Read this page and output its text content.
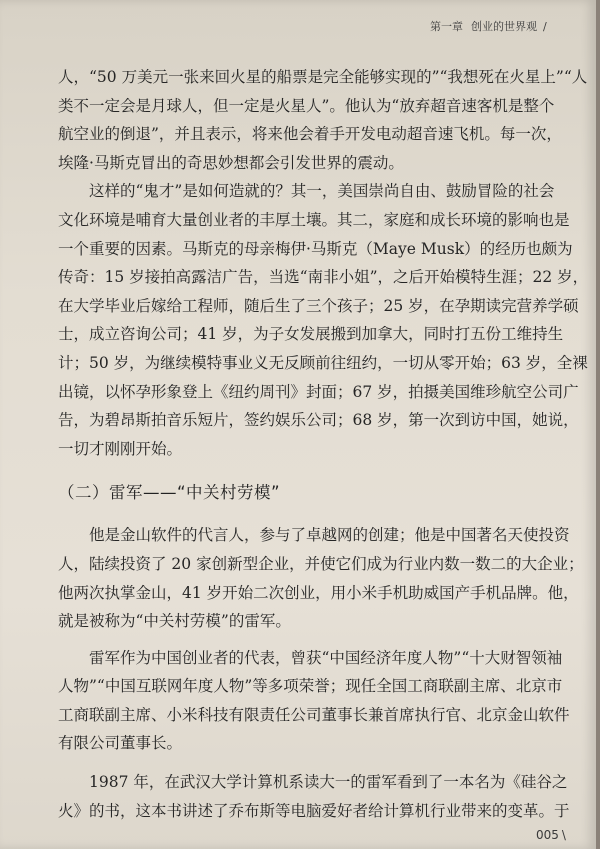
第一章 创业的世界观 /
人，“50 万美元一张来回火星的船票是完全能够实现的”“我想死在火星上”“人
类不一定会是月球人，但一定是火星人”。他认为“放弃超音速客机是整个
航空业的倒退”，并且表示，将来他会着手开发电动超音速飞机。每一次，
埃隆·马斯克冒出的奇思妙想都会引发世界的震动。
这样的“鬼才”是如何造就的？其一，美国崇尚自由、鼓励冒险的社会
文化环境是哺育大量创业者的丰厚土壤。其二，家庭和成长环境的影响也是
一个重要的因素。马斯克的母亲梅伊·马斯克（Maye Musk）的经历也颇为
传奇：15 岁接拍高露洁广告，当选“南非小姐”，之后开始模特生涯；22 岁，
在大学毕业后嫁给工程师，随后生了三个孩子；25 岁，在孕期读完营养学硕
士，成立咨询公司；41 岁，为子女发展搬到加拿大，同时打五份工维持生
计；50 岁，为继续模特事业义无反顾前往纽约，一切从零开始；63 岁，全裸
出镜，以怀孕形象登上《纽约周刊》封面；67 岁，拍摄美国维珍航空公司广
告，为碧昂斯拍音乐短片，签约娱乐公司；68 岁，第一次到访中国，她说，
一切才刚刚开始。
（二）雷军——“中关村劳模”
他是金山软件的代言人，参与了卓越网的创建；他是中国著名天使投资
人，陆续投资了 20 家创新型企业，并使它们成为行业内数一数二的大企业；
他两次执掌金山，41 岁开始二次创业，用小米手机助威国产手机品牌。他，
就是被称为“中关村劳模”的雷军。
雷军作为中国创业者的代表，曾获“中国经济年度人物”“十大财智领袖
人物”“中国互联网年度人物”等多项荣誉；现任全国工商联副主席、北京市
工商联副主席、小米科技有限责任公司董事长兼首席执行官、北京金山软件
有限公司董事长。
1987 年，在武汉大学计算机系读大一的雷军看到了一本名为《硅谷之
火》的书，这本书讲述了乔布斯等电脑爱好者给计算机行业带来的变革。于
005 \
